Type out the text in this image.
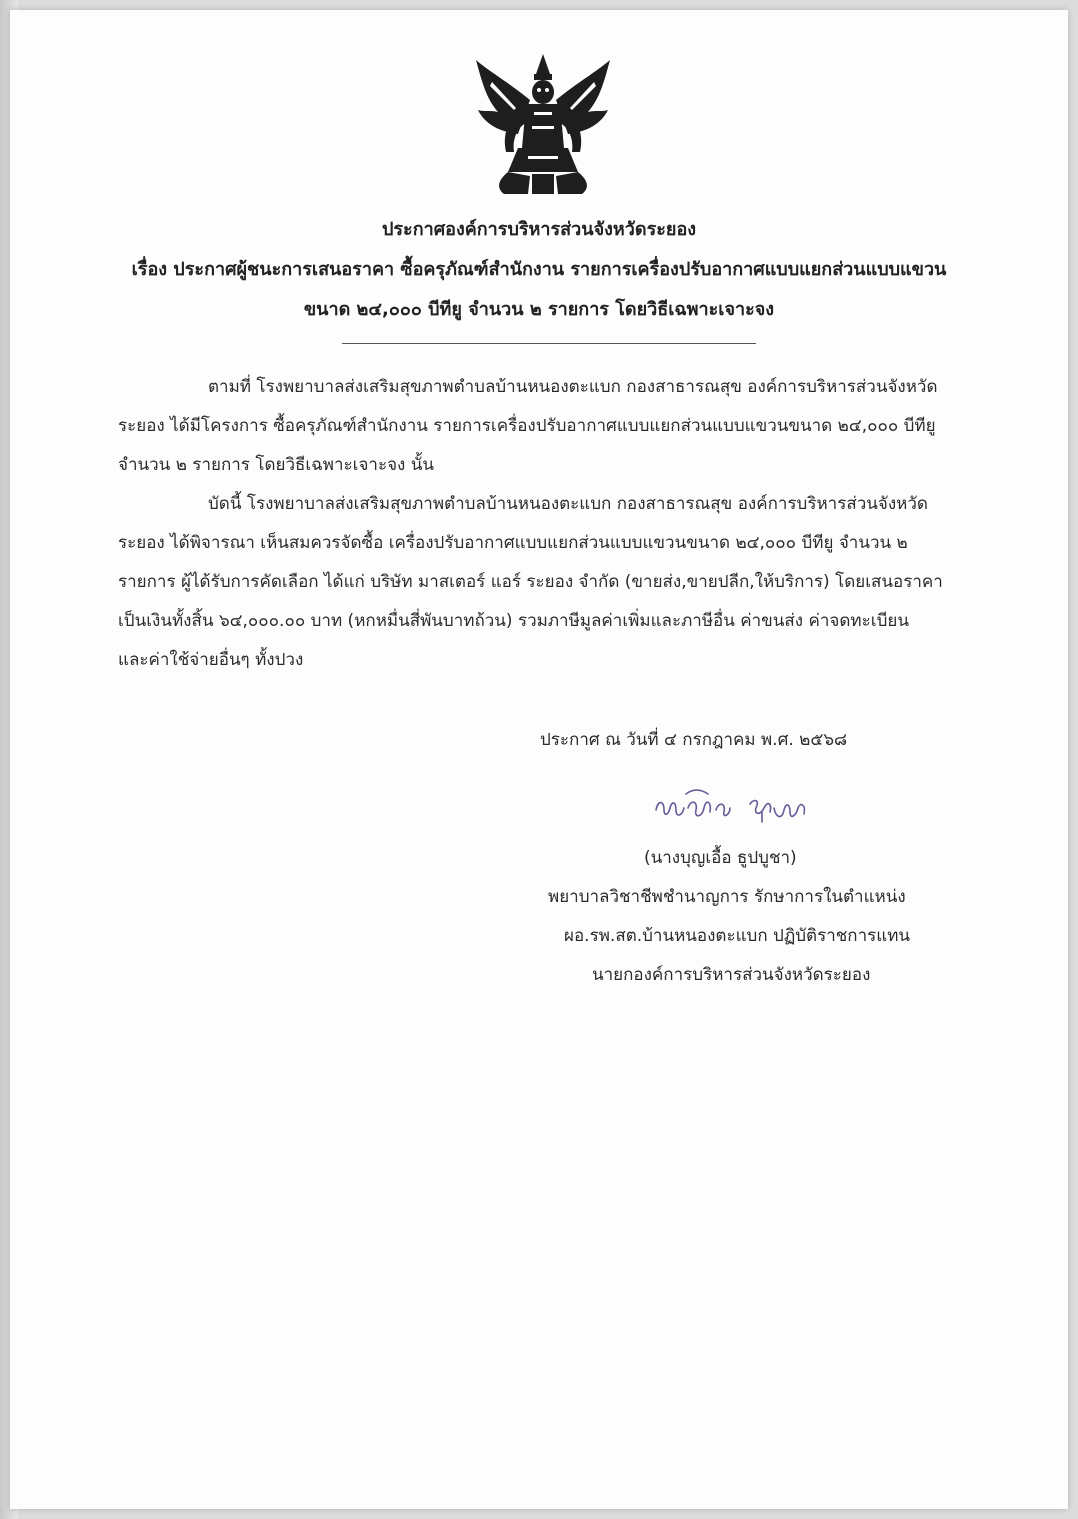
ประกาศองค์การบริหารส่วนจังหวัดระยอง
เรื่อง ประกาศผู้ชนะการเสนอราคา ซื้อครุภัณฑ์สำนักงาน รายการเครื่องปรับอากาศแบบแยกส่วนแบบแขวน
ขนาด ๒๔,๐๐๐ บีทียู จำนวน ๒ รายการ โดยวิธีเฉพาะเจาะจง
ตามที่ โรงพยาบาลส่งเสริมสุขภาพตำบลบ้านหนองตะแบก กองสาธารณสุข องค์การบริหารส่วนจังหวัด
ระยอง ได้มีโครงการ ซื้อครุภัณฑ์สำนักงาน รายการเครื่องปรับอากาศแบบแยกส่วนแบบแขวนขนาด ๒๔,๐๐๐ บีทียู
จำนวน ๒ รายการ โดยวิธีเฉพาะเจาะจง นั้น
บัดนี้ โรงพยาบาลส่งเสริมสุขภาพตำบลบ้านหนองตะแบก กองสาธารณสุข องค์การบริหารส่วนจังหวัด
ระยอง ได้พิจารณา เห็นสมควรจัดซื้อ เครื่องปรับอากาศแบบแยกส่วนแบบแขวนขนาด ๒๔,๐๐๐ บีทียู จำนวน ๒
รายการ ผู้ได้รับการคัดเลือก ได้แก่ บริษัท มาสเตอร์ แอร์ ระยอง จำกัด (ขายส่ง,ขายปลีก,ให้บริการ) โดยเสนอราคา
เป็นเงินทั้งสิ้น ๖๔,๐๐๐.๐๐ บาท (หกหมื่นสี่พันบาทถ้วน) รวมภาษีมูลค่าเพิ่มและภาษีอื่น ค่าขนส่ง ค่าจดทะเบียน
และค่าใช้จ่ายอื่นๆ ทั้งปวง
ประกาศ ณ วันที่ ๔ กรกฎาคม พ.ศ. ๒๕๖๘
(นางบุญเอื้อ ธูปบูชา)
พยาบาลวิชาชีพชำนาญการ รักษาการในตำแหน่ง
ผอ.รพ.สต.บ้านหนองตะแบก ปฏิบัติราชการแทน
นายกองค์การบริหารส่วนจังหวัดระยอง
